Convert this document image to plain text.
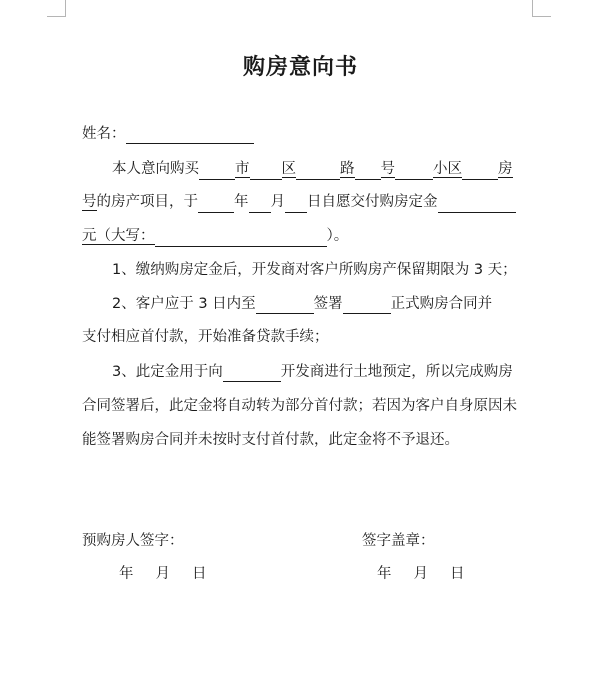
购房意向书
姓名：
本人意向购买 市 区	路 号	小区 房
号的房产项目，于 年 月 日自愿交付购房定金
元（大写：	）。
1、缴纳购房定金后，开发商对客户所购房产保留期限为 3 天；
2、客户应于 3 日内至	签署	正式购房合同并
支付相应首付款，开始准备贷款手续；
3、此定金用于向	开发商进行土地预定，所以完成购房
合同签署后，此定金将自动转为部分首付款；若因为客户自身原因未
能签署购房合同并未按时支付首付款，此定金将不予退还。
预购房人签字：	签字盖章：
年 月 日	年 月 日
